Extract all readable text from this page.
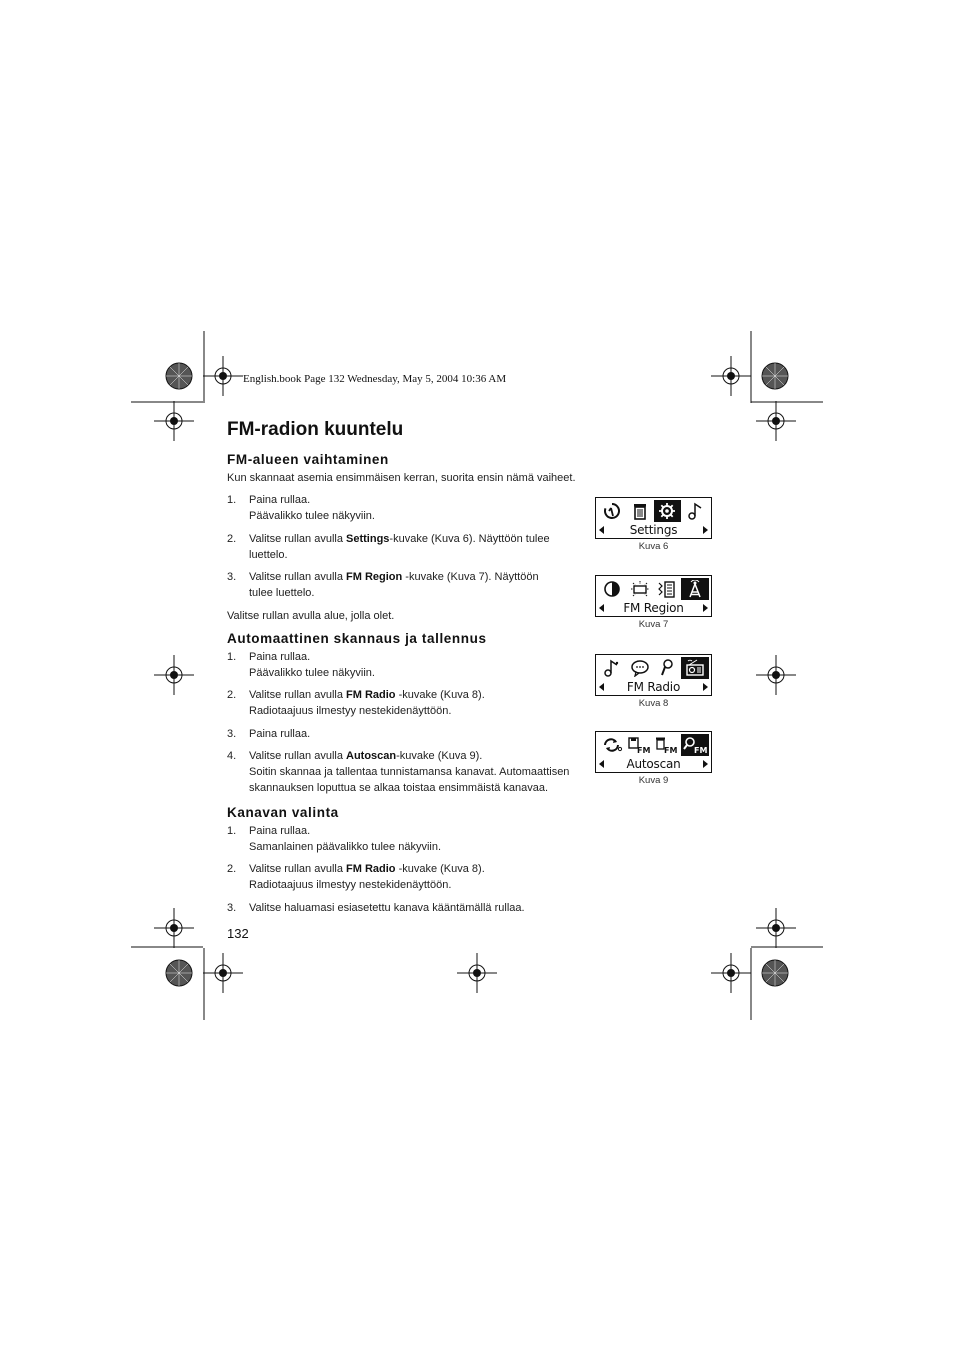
English.book Page 132 Wednesday, May 5, 2004 10:36 AM
FM-radion kuuntelu
FM-alueen vaihtaminen
Kun skannaat asemia ensimmäisen kerran, suorita ensin nämä vaiheet.
1. Paina rullaa.
Päävalikko tulee näkyviin.
2. Valitse rullan avulla Settings-kuvake (Kuva 6). Näyttöön tulee
luettelo.
3. Valitse rullan avulla FM Region -kuvake (Kuva 7). Näyttöön
tulee luettelo.
Valitse rullan avulla alue, jolla olet.
Automaattinen skannaus ja tallennus
1. Paina rullaa.
Päävalikko tulee näkyviin.
2. Valitse rullan avulla FM Radio -kuvake (Kuva 8).
Radiotaajuus ilmestyy nestekidenäyttöön.
3. Paina rullaa.
4. Valitse rullan avulla Autoscan-kuvake (Kuva 9).
Soitin skannaa ja tallentaa tunnistamansa kanavat. Automaattisen
skannauksen loputtua se alkaa toistaa ensimmäistä kanavaa.
Kanavan valinta
1. Paina rullaa.
Samanlainen päävalikko tulee näkyviin.
2. Valitse rullan avulla FM Radio -kuvake (Kuva 8).
Radiotaajuus ilmestyy nestekidenäyttöön.
3. Valitse haluamasi esiasetettu kanava kääntämällä rullaa.
132
Settings
Kuva 6
FM Region
Kuva 7
FM Radio
Kuva 8
FM FM FM
Autoscan
Kuva 9
